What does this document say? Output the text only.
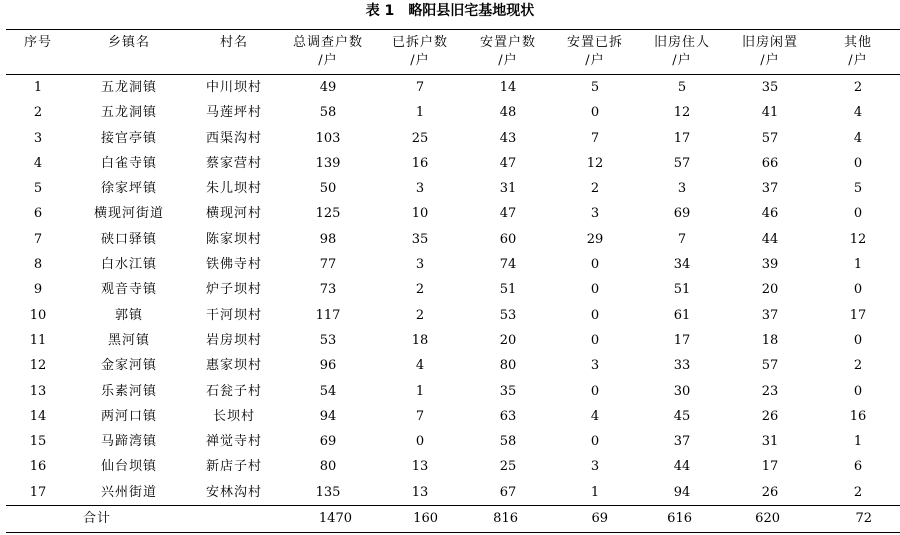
表 1 略阳县旧宅基地现状
序号	乡镇名	村名	总调查户数	已拆户数	安置户数	安置已拆	旧房住人	旧房闲置	其他
			/户	/户	/户	/户	/户	/户	/户
1	五龙洞镇	中川坝村	49	7	14	5	5	35	2
2	五龙洞镇	马莲坪村	58	1	48	0	12	41	4
3	接官亭镇	西渠沟村	103	25	43	7	17	57	4
4	白雀寺镇	蔡家营村	139	16	47	12	57	66	0
5	徐家坪镇	朱儿坝村	50	3	31	2	3	37	5
6	横现河街道	横现河村	125	10	47	3	69	46	0
7	硖口驿镇	陈家坝村	98	35	60	29	7	44	12
8	白水江镇	铁佛寺村	77	3	74	0	34	39	1
9	观音寺镇	炉子坝村	73	2	51	0	51	20	0
10	郭镇	干河坝村	117	2	53	0	61	37	17
11	黑河镇	岩房坝村	53	18	20	0	17	18	0
12	金家河镇	惠家坝村	96	4	80	3	33	57	2
13	乐素河镇	石瓮子村	54	1	35	0	30	23	0
14	两河口镇	长坝村	94	7	63	4	45	26	16
15	马蹄湾镇	禅觉寺村	69	0	58	0	37	31	1
16	仙台坝镇	新店子村	80	13	25	3	44	17	6
17	兴州街道	安林沟村	135	13	67	1	94	26	2
合计			1470	160	816	69	616	620	72
